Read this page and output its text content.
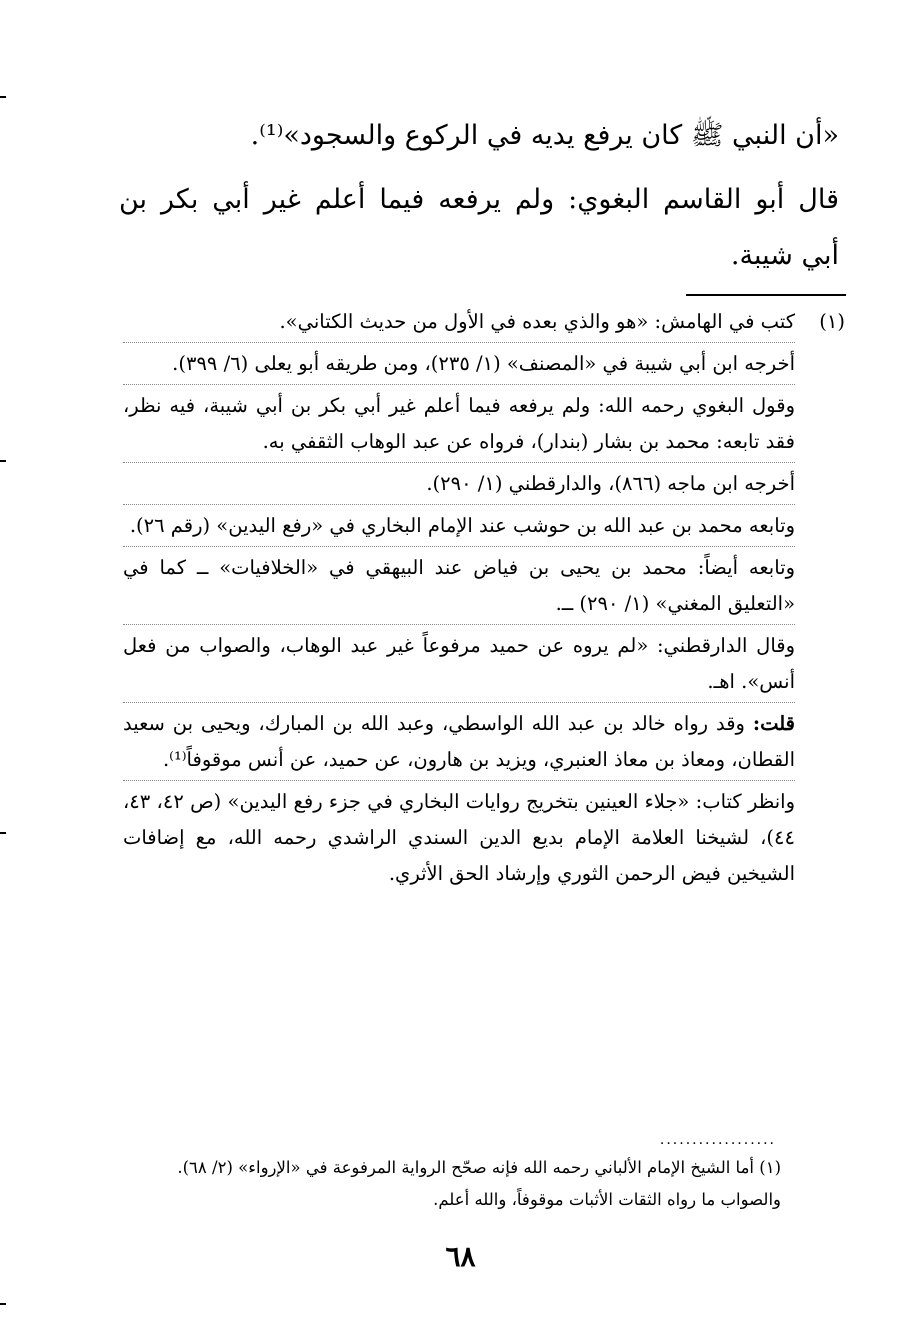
«أن النبي ﷺ كان يرفع يديه في الركوع والسجود»⁽¹⁾.

قال أبو القاسم البغوي: ولم يرفعه فيما أعلم غير أبي بكر بن

أبي شيبة.

(١)

كتب في الهامش: «هو والذي بعده في الأول من حديث الكتاني».

أخرجه ابن أبي شيبة في «المصنف» (١/ ٢٣٥)، ومن طريقه أبو يعلى (٦/ ٣٩٩).

وقول البغوي رحمه الله: ولم يرفعه فيما أعلم غير أبي بكر بن أبي شيبة، فيه نظر، فقد تابعه: محمد بن بشار (بندار)، فرواه عن عبد الوهاب الثقفي به.

أخرجه ابن ماجه (٨٦٦)، والدارقطني (١/ ٢٩٠).

وتابعه محمد بن عبد الله بن حوشب عند الإمام البخاري في «رفع اليدين» (رقم ٢٦).

وتابعه أيضاً: محمد بن يحيى بن فياض عند البيهقي في «الخلافيات» ــ كما في «التعليق المغني» (١/ ٢٩٠) ــ.

وقال الدارقطني: «لم يروه عن حميد مرفوعاً غير عبد الوهاب، والصواب من فعل أنس». اهـ.

قلت: وقد رواه خالد بن عبد الله الواسطي، وعبد الله بن المبارك، ويحيى بن سعيد القطان، ومعاذ بن معاذ العنبري، ويزيد بن هارون، عن حميد، عن أنس موقوفاً⁽¹⁾.

وانظر كتاب: «جلاء العينين بتخريج روايات البخاري في جزء رفع اليدين» (ص ٤٢، ٤٣، ٤٤)، لشيخنا العلامة الإمام بديع الدين السندي الراشدي رحمه الله، مع إضافات الشيخين فيض الرحمن الثوري وإرشاد الحق الأثري.

..................

(١) أما الشيخ الإمام الألباني رحمه الله فإنه صحّح الرواية المرفوعة في «الإرواء» (٢/ ٦٨).

والصواب ما رواه الثقات الأثبات موقوفاً، والله أعلم.

٦٨
